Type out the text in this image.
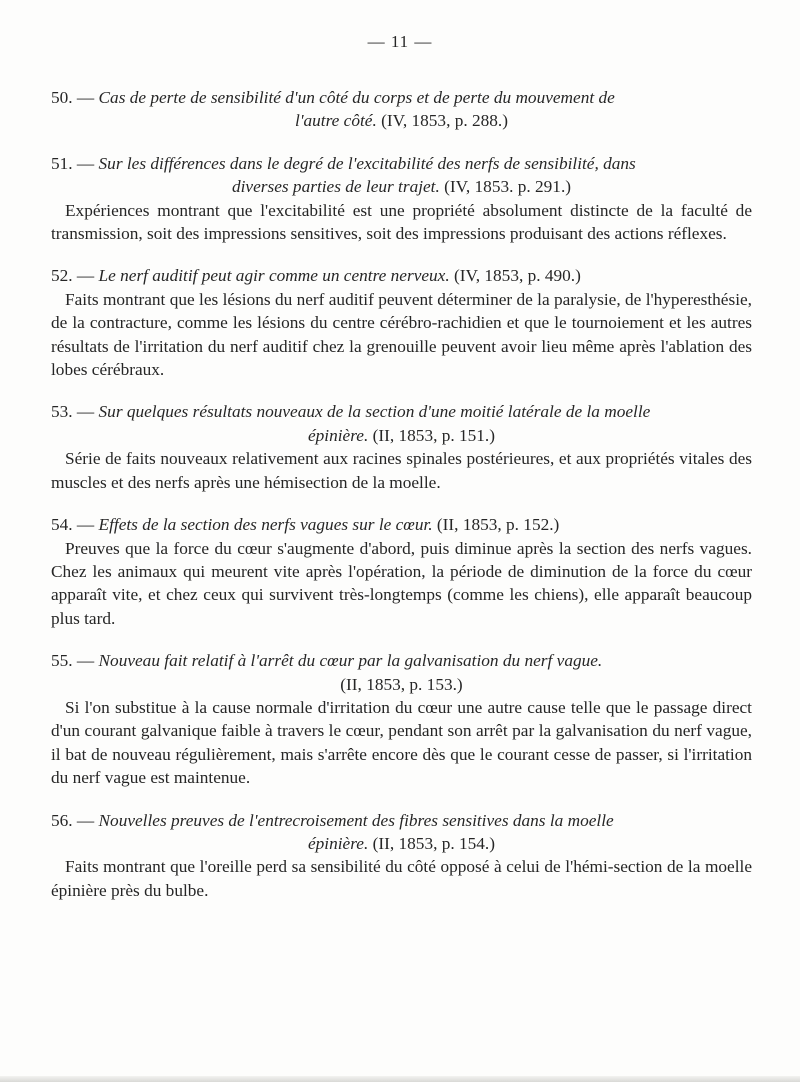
— 11 —

50. — Cas de perte de sensibilité d'un côté du corps et de perte du mouvement de
l'autre côté. (IV, 1853, p. 288.)

51. — Sur les différences dans le degré de l'excitabilité des nerfs de sensibilité, dans
diverses parties de leur trajet. (IV, 1853. p. 291.)

Expériences montrant que l'excitabilité est une propriété absolument distincte de la faculté de transmission, soit des impressions sensitives, soit des impressions produisant des actions réflexes.

52. — Le nerf auditif peut agir comme un centre nerveux. (IV, 1853, p. 490.)

Faits montrant que les lésions du nerf auditif peuvent déterminer de la paralysie, de l'hyperesthésie, de la contracture, comme les lésions du centre cérébro-rachidien et que le tournoiement et les autres résultats de l'irritation du nerf auditif chez la grenouille peuvent avoir lieu même après l'ablation des lobes cérébraux.

53. — Sur quelques résultats nouveaux de la section d'une moitié latérale de la moelle
épinière. (II, 1853, p. 151.)

Série de faits nouveaux relativement aux racines spinales postérieures, et aux propriétés vitales des muscles et des nerfs après une hémisection de la moelle.

54. — Effets de la section des nerfs vagues sur le cœur. (II, 1853, p. 152.)

Preuves que la force du cœur s'augmente d'abord, puis diminue après la section des nerfs vagues. Chez les animaux qui meurent vite après l'opération, la période de diminution de la force du cœur apparaît vite, et chez ceux qui survivent très-longtemps (comme les chiens), elle apparaît beaucoup plus tard.

55. — Nouveau fait relatif à l'arrêt du cœur par la galvanisation du nerf vague.
(II, 1853, p. 153.)

Si l'on substitue à la cause normale d'irritation du cœur une autre cause telle que le passage direct d'un courant galvanique faible à travers le cœur, pendant son arrêt par la galvanisation du nerf vague, il bat de nouveau régulièrement, mais s'arrête encore dès que le courant cesse de passer, si l'irritation du nerf vague est maintenue.

56. — Nouvelles preuves de l'entrecroisement des fibres sensitives dans la moelle
épinière. (II, 1853, p. 154.)

Faits montrant que l'oreille perd sa sensibilité du côté opposé à celui de l'hémi-section de la moelle épinière près du bulbe.
